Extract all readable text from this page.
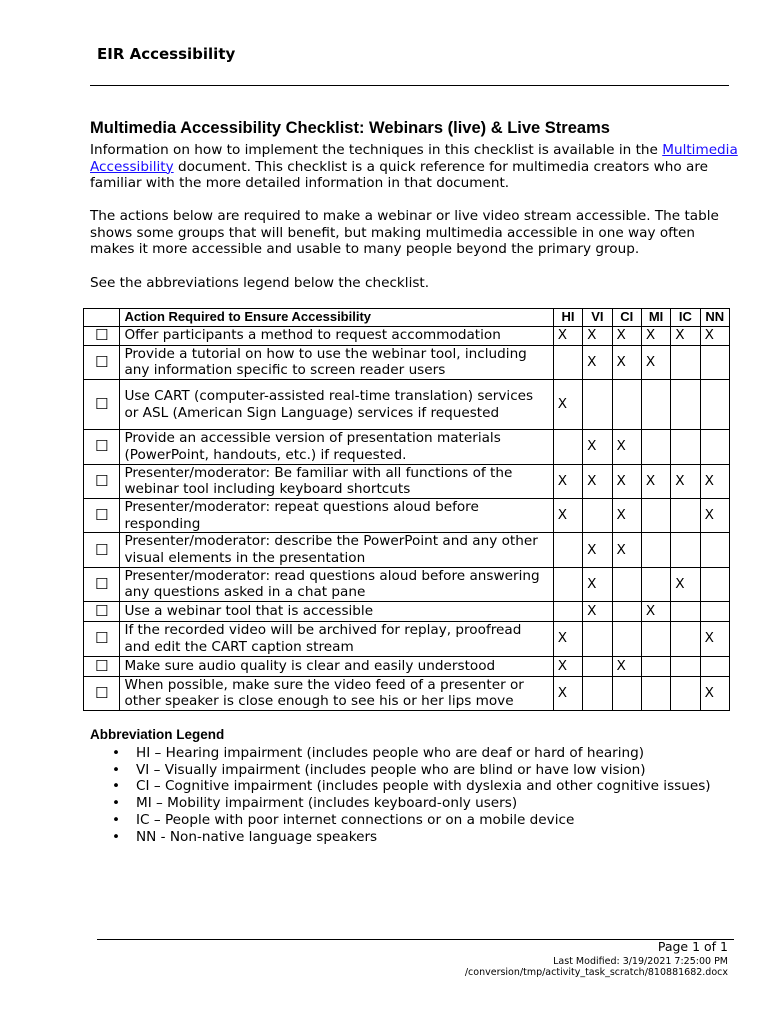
EIR Accessibility
Multimedia Accessibility Checklist: Webinars (live) & Live Streams
Information on how to implement the techniques in this checklist is available in the Multimedia Accessibility document. This checklist is a quick reference for multimedia creators who are familiar with the more detailed information in that document.
The actions below are required to make a webinar or live video stream accessible. The table shows some groups that will benefit, but making multimedia accessible in one way often makes it more accessible and usable to many people beyond the primary group.
See the abbreviations legend below the checklist.
	Action Required to Ensure Accessibility	HI	VI	CI	MI	IC	NN
☐	Offer participants a method to request accommodation	X	X	X	X	X	X
☐	Provide a tutorial on how to use the webinar tool, including any information specific to screen reader users		X	X	X		
☐	Use CART (computer-assisted real-time translation) services or ASL (American Sign Language) services if requested	X					
☐	Provide an accessible version of presentation materials (PowerPoint, handouts, etc.) if requested.		X	X			
☐	Presenter/moderator: Be familiar with all functions of the webinar tool including keyboard shortcuts	X	X	X	X	X	X
☐	Presenter/moderator: repeat questions aloud before responding	X		X			X
☐	Presenter/moderator: describe the PowerPoint and any other visual elements in the presentation		X	X			
☐	Presenter/moderator: read questions aloud before answering any questions asked in a chat pane		X			X	
☐	Use a webinar tool that is accessible		X		X		
☐	If the recorded video will be archived for replay, proofread and edit the CART caption stream	X					X
☐	Make sure audio quality is clear and easily understood	X		X			
☐	When possible, make sure the video feed of a presenter or other speaker is close enough to see his or her lips move	X					X
Abbreviation Legend
• HI – Hearing impairment (includes people who are deaf or hard of hearing)
• VI – Visually impairment (includes people who are blind or have low vision)
• CI – Cognitive impairment (includes people with dyslexia and other cognitive issues)
• MI – Mobility impairment (includes keyboard-only users)
• IC – People with poor internet connections or on a mobile device
• NN - Non-native language speakers
Page 1 of 1
Last Modified: 3/19/2021 7:25:00 PM
/conversion/tmp/activity_task_scratch/810881682.docx
